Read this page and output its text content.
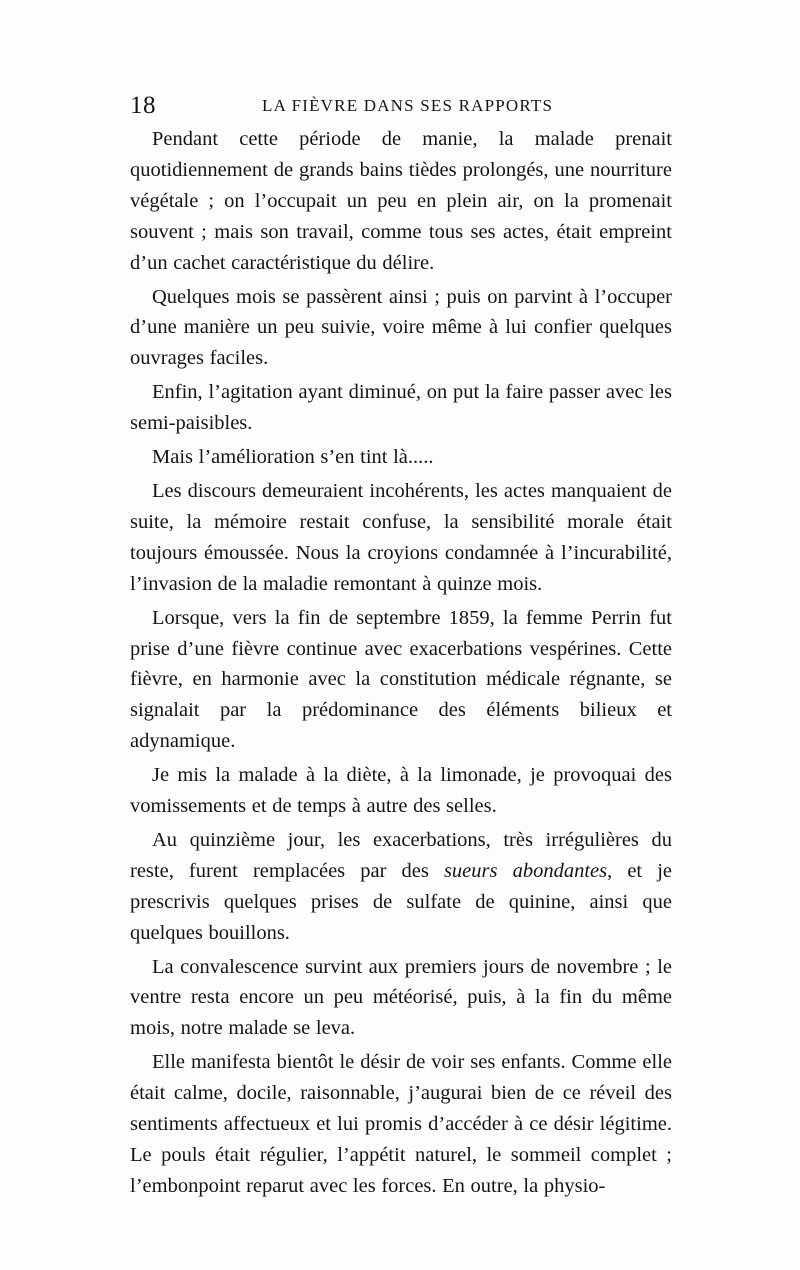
18	LA FIÈVRE DANS SES RAPPORTS

Pendant cette période de manie, la malade prenait quotidiennement de grands bains tièdes prolongés, une nourriture végétale ; on l’occupait un peu en plein air, on la promenait souvent ; mais son travail, comme tous ses actes, était empreint d’un cachet caractéristique du délire.

Quelques mois se passèrent ainsi ; puis on parvint à l’occuper d’une manière un peu suivie, voire même à lui confier quelques ouvrages faciles.

Enfin, l’agitation ayant diminué, on put la faire passer avec les semi-paisibles.

Mais l’amélioration s’en tint là.....

Les discours demeuraient incohérents, les actes manquaient de suite, la mémoire restait confuse, la sensibilité morale était toujours émoussée. Nous la croyions condamnée à l’incurabilité, l’invasion de la maladie remontant à quinze mois.

Lorsque, vers la fin de septembre 1859, la femme Perrin fut prise d’une fièvre continue avec exacerbations vespérines. Cette fièvre, en harmonie avec la constitution médicale régnante, se signalait par la prédominance des éléments bilieux et adynamique.

Je mis la malade à la diète, à la limonade, je provoquai des vomissements et de temps à autre des selles.

Au quinzième jour, les exacerbations, très irrégulières du reste, furent remplacées par des sueurs abondantes, et je prescrivis quelques prises de sulfate de quinine, ainsi que quelques bouillons.

La convalescence survint aux premiers jours de novembre ; le ventre resta encore un peu météorisé, puis, à la fin du même mois, notre malade se leva.

Elle manifesta bientôt le désir de voir ses enfants. Comme elle était calme, docile, raisonnable, j’augurai bien de ce réveil des sentiments affectueux et lui promis d’accéder à ce désir légitime. Le pouls était régulier, l’appétit naturel, le sommeil complet ; l’embonpoint reparut avec les forces. En outre, la physio-
